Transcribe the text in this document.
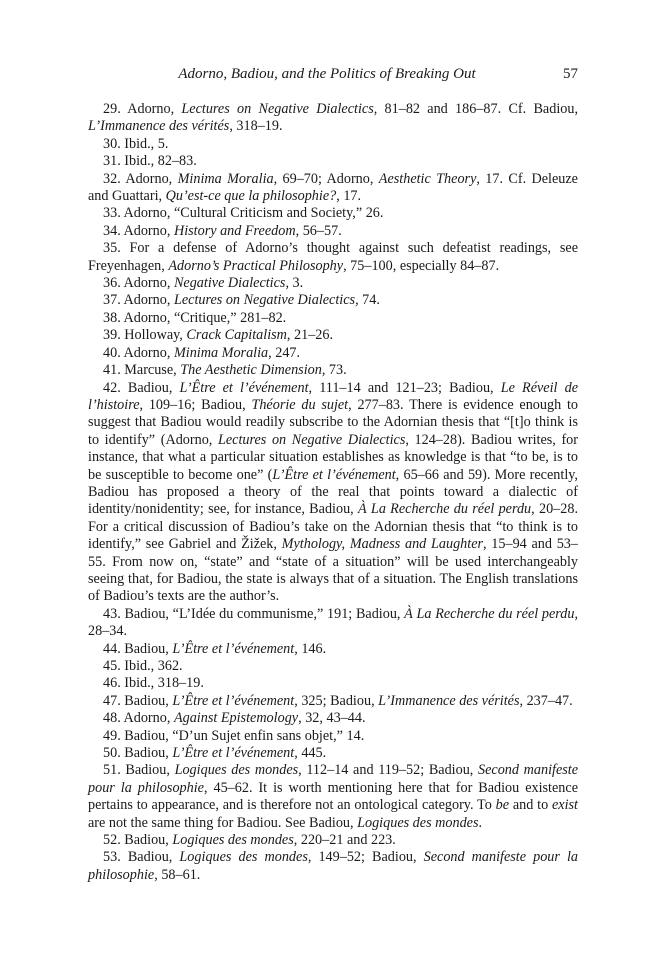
Adorno, Badiou, and the Politics of Breaking Out	57

29. Adorno, Lectures on Negative Dialectics, 81–82 and 186–87. Cf. Badiou, L’Immanence des vérités, 318–19.

30. Ibid., 5.

31. Ibid., 82–83.

32. Adorno, Minima Moralia, 69–70; Adorno, Aesthetic Theory, 17. Cf. Deleuze and Guattari, Qu’est-ce que la philosophie?, 17.

33. Adorno, “Cultural Criticism and Society,” 26.

34. Adorno, History and Freedom, 56–57.

35. For a defense of Adorno’s thought against such defeatist readings, see Freyenhagen, Adorno’s Practical Philosophy, 75–100, especially 84–87.

36. Adorno, Negative Dialectics, 3.

37. Adorno, Lectures on Negative Dialectics, 74.

38. Adorno, “Critique,” 281–82.

39. Holloway, Crack Capitalism, 21–26.

40. Adorno, Minima Moralia, 247.

41. Marcuse, The Aesthetic Dimension, 73.

42. Badiou, L’Être et l’événement, 111–14 and 121–23; Badiou, Le Réveil de l’histoire, 109–16; Badiou, Théorie du sujet, 277–83. There is evidence enough to suggest that Badiou would readily subscribe to the Adornian thesis that “[t]o think is to identify” (Adorno, Lectures on Negative Dialectics, 124–28). Badiou writes, for instance, that what a particular situation establishes as knowledge is that “to be, is to be susceptible to become one” (L’Être et l’événement, 65–66 and 59). More recently, Badiou has proposed a theory of the real that points toward a dialectic of identity/nonidentity; see, for instance, Badiou, À La Recherche du réel perdu, 20–28. For a critical discussion of Badiou’s take on the Adornian thesis that “to think is to identify,” see Gabriel and Žižek, Mythology, Madness and Laughter, 15–94 and 53–55. From now on, “state” and “state of a situation” will be used interchangeably seeing that, for Badiou, the state is always that of a situation. The English translations of Badiou’s texts are the author’s.

43. Badiou, “L’Idée du communisme,” 191; Badiou, À La Recherche du réel perdu, 28–34.

44. Badiou, L’Être et l’événement, 146.

45. Ibid., 362.

46. Ibid., 318–19.

47. Badiou, L’Être et l’événement, 325; Badiou, L’Immanence des vérités, 237–47.

48. Adorno, Against Epistemology, 32, 43–44.

49. Badiou, “D’un Sujet enfin sans objet,” 14.

50. Badiou, L’Être et l’événement, 445.

51. Badiou, Logiques des mondes, 112–14 and 119–52; Badiou, Second manifeste pour la philosophie, 45–62. It is worth mentioning here that for Badiou existence pertains to appearance, and is therefore not an ontological category. To be and to exist are not the same thing for Badiou. See Badiou, Logiques des mondes.

52. Badiou, Logiques des mondes, 220–21 and 223.

53. Badiou, Logiques des mondes, 149–52; Badiou, Second manifeste pour la philosophie, 58–61.
